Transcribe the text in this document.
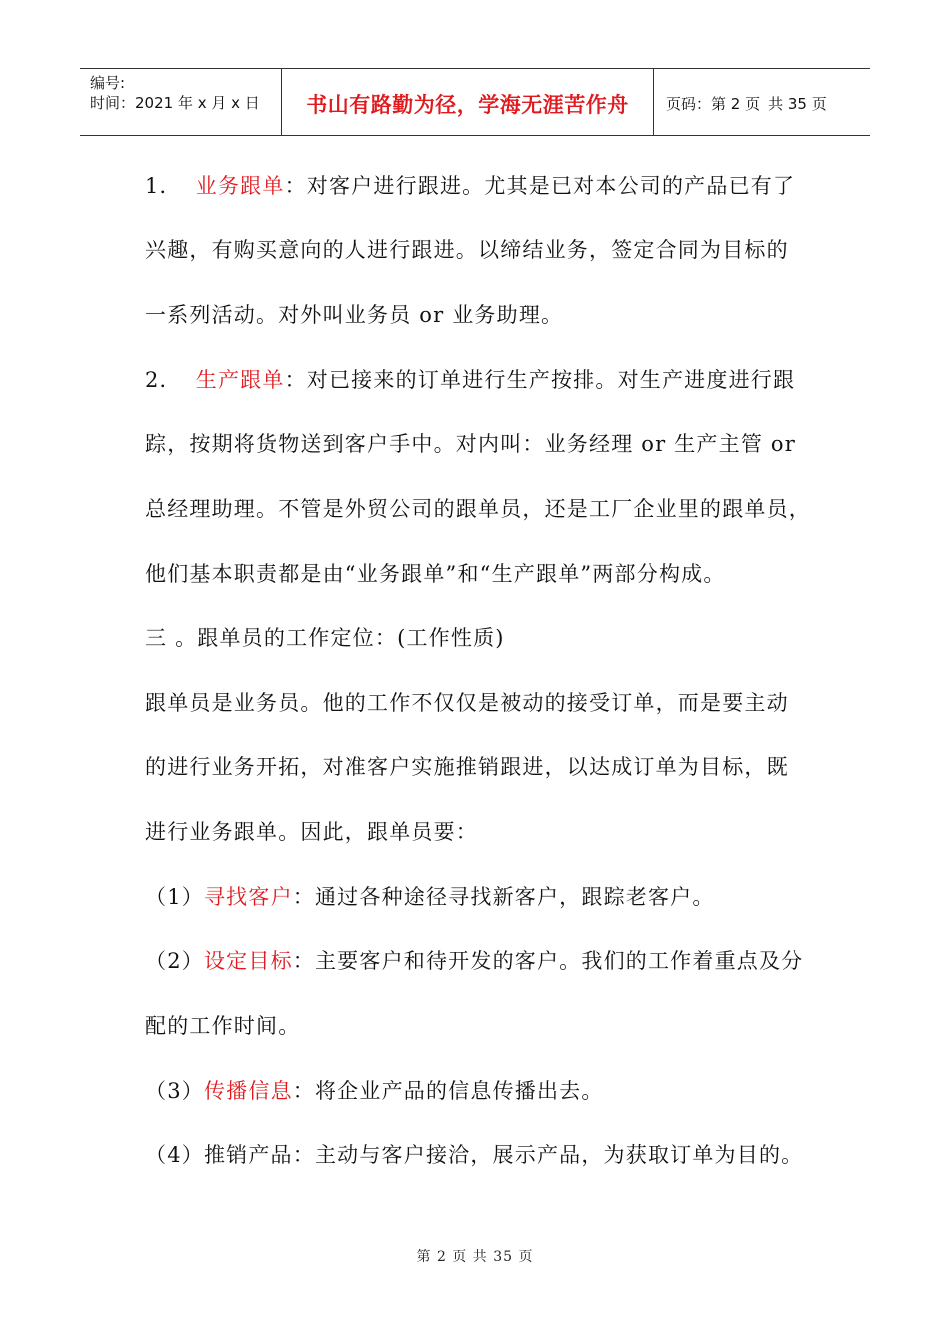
编号:
时间：2021 年 x 月 x 日	书山有路勤为径，学海无涯苦作舟 页码：第 2 页 共 35 页
1． 业务跟单：对客户进行跟进。尤其是已对本公司的产品已有了
兴趣，有购买意向的人进行跟进。以缔结业务，签定合同为目标的
一系列活动。对外叫业务员 or 业务助理。
2． 生产跟单：对已接来的订单进行生产按排。对生产进度进行跟
踪，按期将货物送到客户手中。对内叫：业务经理 or 生产主管 or
总经理助理。不管是外贸公司的跟单员，还是工厂企业里的跟单员，
他们基本职责都是由“业务跟单”和“生产跟单”两部分构成。
三 。跟单员的工作定位：(工作性质)
跟单员是业务员。他的工作不仅仅是被动的接受订单，而是要主动
的进行业务开拓，对准客户实施推销跟进，以达成订单为目标，既
进行业务跟单。因此，跟单员要：
（1）寻找客户：通过各种途径寻找新客户，跟踪老客户。
（2）设定目标：主要客户和待开发的客户。我们的工作着重点及分
配的工作时间。
（3）传播信息：将企业产品的信息传播出去。
（4）推销产品：主动与客户接洽，展示产品，为获取订单为目的。
第 2 页 共 35 页
